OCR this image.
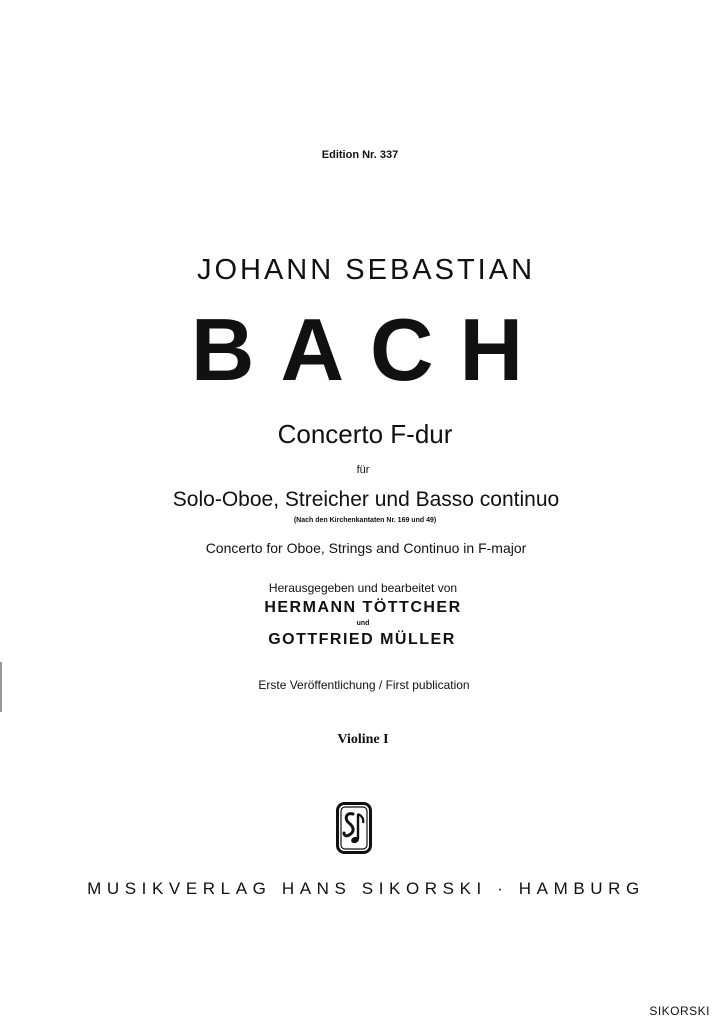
Edition Nr. 337
JOHANN SEBASTIAN
BACH
Concerto F-dur
für
Solo-Oboe, Streicher und Basso continuo
(Nach den Kirchenkantaten Nr. 169 und 49)
Concerto for Oboe, Strings and Continuo in F-major
Herausgegeben und bearbeitet von
HERMANN TÖTTCHER
und
GOTTFRIED MÜLLER
Erste Veröffentlichung / First publication
Violine I
MUSIKVERLAG HANS SIKORSKI · HAMBURG
SIKORSKI
